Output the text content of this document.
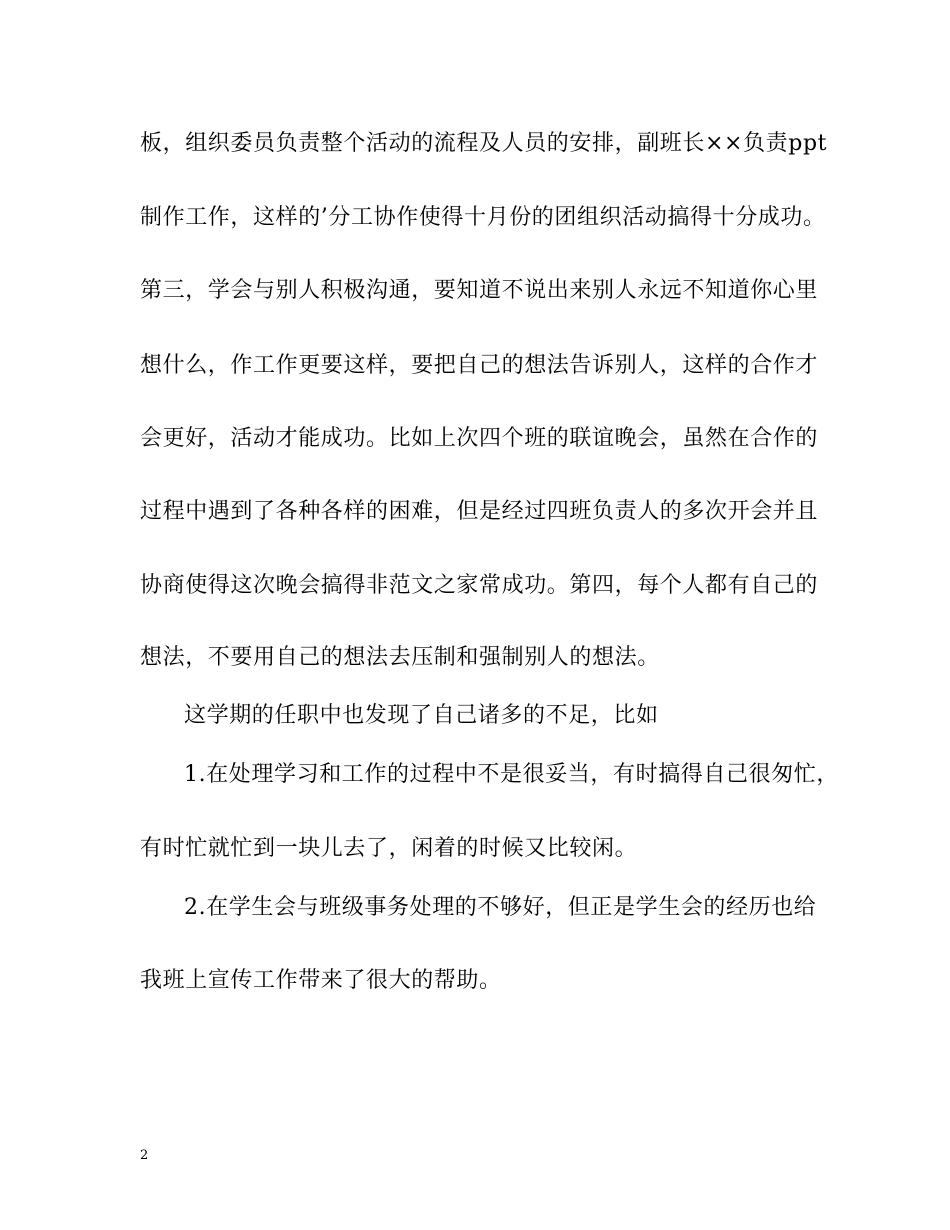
板，组织委员负责整个活动的流程及人员的安排，副班长××负责ppt
制作工作，这样的’分工协作使得十月份的团组织活动搞得十分成功。
第三，学会与别人积极沟通，要知道不说出来别人永远不知道你心里
想什么，作工作更要这样，要把自己的想法告诉别人，这样的合作才
会更好，活动才能成功。比如上次四个班的联谊晚会，虽然在合作的
过程中遇到了各种各样的困难，但是经过四班负责人的多次开会并且
协商使得这次晚会搞得非范文之家常成功。第四，每个人都有自己的
想法，不要用自己的想法去压制和强制别人的想法。
这学期的任职中也发现了自己诸多的不足，比如
1.在处理学习和工作的过程中不是很妥当，有时搞得自己很匆忙，
有时忙就忙到一块儿去了，闲着的时候又比较闲。
2.在学生会与班级事务处理的不够好，但正是学生会的经历也给
我班上宣传工作带来了很大的帮助。
2
